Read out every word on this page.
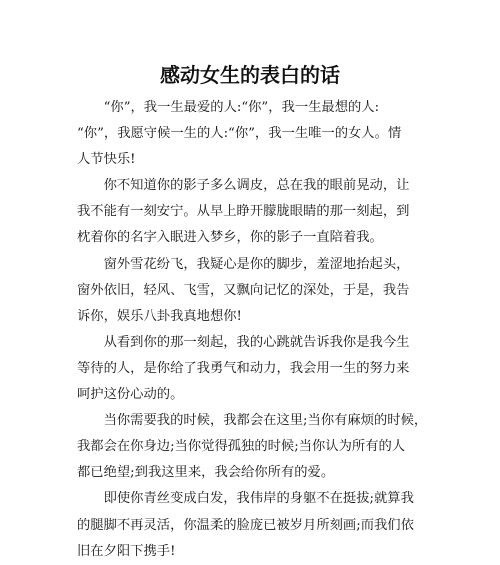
感动女生的表白的话
“你”，我一生最爱的人:“你”，我一生最想的人:
“你”，我愿守候一生的人:“你”，我一生唯一的女人。情
人节快乐!
你不知道你的影子多么调皮，总在我的眼前晃动，让
我不能有一刻安宁。从早上睁开朦胧眼睛的那一刻起，到
枕着你的名字入眠进入梦乡，你的影子一直陪着我。
窗外雪花纷飞，我疑心是你的脚步，羞涩地抬起头，
窗外依旧，轻风、飞雪，又飘向记忆的深处，于是，我告
诉你，娱乐八卦我真地想你!
从看到你的那一刻起，我的心跳就告诉我你是我今生
等待的人，是你给了我勇气和动力，我会用一生的努力来
呵护这份心动的。
当你需要我的时候，我都会在这里;当你有麻烦的时候，
我都会在你身边;当你觉得孤独的时候;当你认为所有的人
都已绝望;到我这里来，我会给你所有的爱。
即使你青丝变成白发，我伟岸的身躯不在挺拔;就算我
的腿脚不再灵活，你温柔的脸庞已被岁月所刻画;而我们依
旧在夕阳下携手!
